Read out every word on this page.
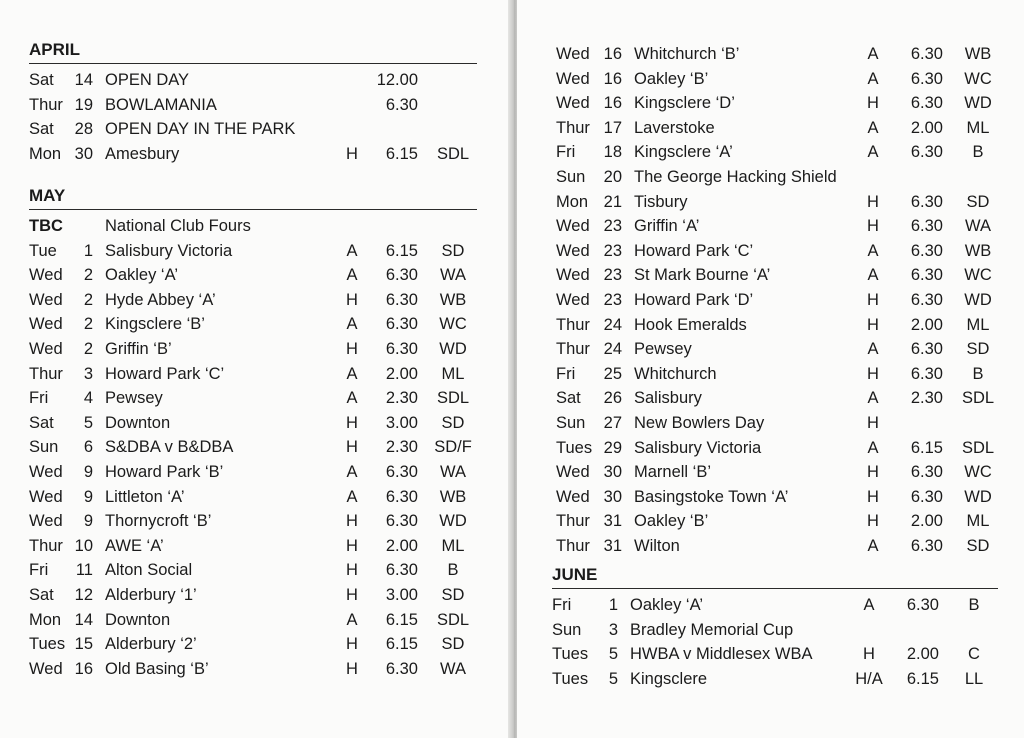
APRIL
Sat 14 OPEN DAY	12.00
Thur 19 BOWLAMANIA	6.30
Sat 28 OPEN DAY IN THE PARK
Mon 30 Amesbury	H	6.15	SDL
MAY
TBC	National Club Fours
Tue	1 Salisbury Victoria	A	6.15	SD
Wed	2 Oakley ‘A’	A	6.30	WA
Wed	2 Hyde Abbey ‘A’	H	6.30	WB
Wed	2 Kingsclere ‘B’	A	6.30	WC
Wed	2 Griffin ‘B’	H	6.30	WD
Thur	3 Howard Park ‘C’	A	2.00	ML
Fri	4 Pewsey	A	2.30	SDL
Sat	5 Downton	H	3.00	SD
Sun	6 S&DBA v B&DBA	H	2.30 SD/F
Wed	9 Howard Park ‘B’	A	6.30	WA
Wed	9 Littleton ‘A’	A	6.30	WB
Wed	9 Thornycroft ‘B’	H	6.30	WD
Thur 10 AWE ‘A’	H	2.00	ML
Fri 11 Alton Social	H	6.30	B
Sat 12 Alderbury ‘1’	H	3.00	SD
Mon 14 Downton	A	6.15	SDL
Tues 15 Alderbury ‘2’	H	6.15	SD
Wed 16 Old Basing ‘B’	H	6.30	WA
Wed 16 Whitchurch ‘B’	A	6.30	WB
Wed 16 Oakley ‘B’	A	6.30	WC
Wed 16 Kingsclere ‘D’	H	6.30	WD
Thur 17 Laverstoke	A	2.00	ML
Fri	18 Kingsclere ‘A’	A	6.30	B
Sun	20 The George Hacking Shield
Mon 21 Tisbury	H	6.30	SD
Wed 23 Griffin ‘A’	H	6.30	WA
Wed 23 Howard Park ‘C’	A	6.30	WB
Wed 23 St Mark Bourne ‘A’	A	6.30	WC
Wed 23 Howard Park ‘D’	H	6.30	WD
Thur 24 Hook Emeralds	H	2.00	ML
Thur 24 Pewsey	A	6.30	SD
Fri	25 Whitchurch	H	6.30	B
Sat	26 Salisbury	A	2.30	SDL
Sun	27 New Bowlers Day	H
Tues 29 Salisbury Victoria	A	6.15	SDL
Wed 30 Marnell ‘B’	H	6.30	WC
Wed 30 Basingstoke Town ‘A’	H	6.30	WD
Thur 31 Oakley ‘B’	H	2.00	ML
Thur 31 Wilton	A	6.30	SD
JUNE
Fri	1 Oakley ‘A’	A	6.30	B
Sun	3 Bradley Memorial Cup
Tues	5 HWBA v Middlesex WBA	H	2.00	C
Tues	5 Kingsclere	H/A	6.15	LL
